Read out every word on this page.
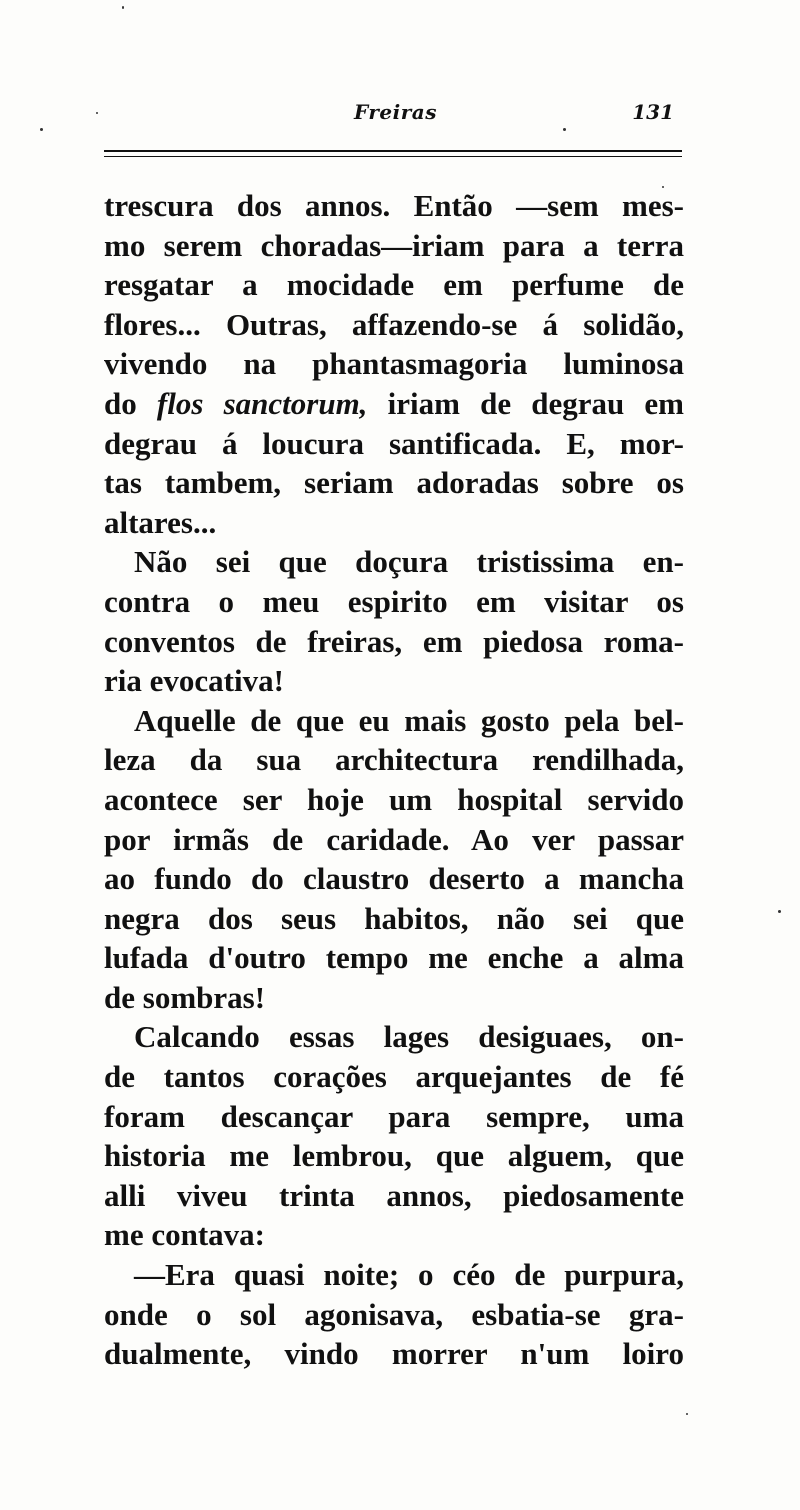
Freiras	131
trescura dos annos. Então —sem mes-
mo serem choradas—iriam para a terra
resgatar a mocidade em perfume de
flores... Outras, affazendo-se á solidão,
vivendo na phantasmagoria luminosa
do flos sanctorum, iriam de degrau em
degrau á loucura santificada. E, mor-
tas tambem, seriam adoradas sobre os
altares...
Não sei que doçura tristissima en-
contra o meu espirito em visitar os
conventos de freiras, em piedosa roma-
ria evocativa!
Aquelle de que eu mais gosto pela bel-
leza da sua architectura rendilhada,
acontece ser hoje um hospital servido
por irmãs de caridade. Ao ver passar
ao fundo do claustro deserto a mancha
negra dos seus habitos, não sei que
lufada d'outro tempo me enche a alma
de sombras!
Calcando essas lages desiguaes, on-
de tantos corações arquejantes de fé
foram descançar para sempre, uma
historia me lembrou, que alguem, que
alli viveu trinta annos, piedosamente
me contava:
—Era quasi noite; o céo de purpura,
onde o sol agonisava, esbatia-se gra-
dualmente, vindo morrer n'um loiro
